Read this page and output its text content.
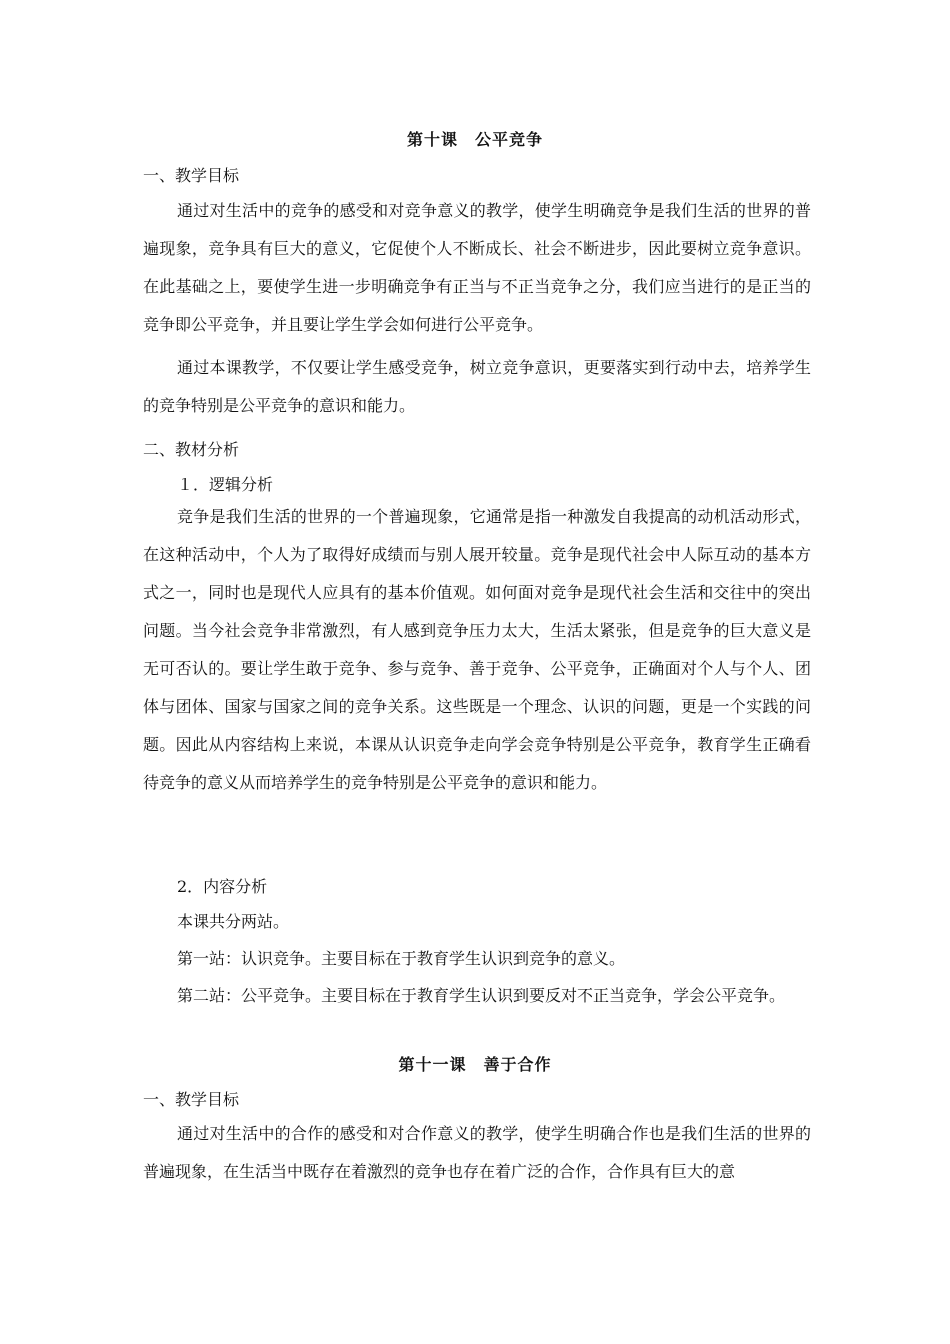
第十课　公平竞争
一、教学目标
通过对生活中的竞争的感受和对竞争意义的教学，使学生明确竞争是我们生活的世界的普遍现象，竞争具有巨大的意义，它促使个人不断成长、社会不断进步，因此要树立竞争意识。在此基础之上，要使学生进一步明确竞争有正当与不正当竞争之分，我们应当进行的是正当的竞争即公平竞争，并且要让学生学会如何进行公平竞争。
通过本课教学，不仅要让学生感受竞争，树立竞争意识，更要落实到行动中去，培养学生的竞争特别是公平竞争的意识和能力。
二、教材分析
１．逻辑分析
竞争是我们生活的世界的一个普遍现象，它通常是指一种激发自我提高的动机活动形式，在这种活动中，个人为了取得好成绩而与别人展开较量。竞争是现代社会中人际互动的基本方式之一，同时也是现代人应具有的基本价值观。如何面对竞争是现代社会生活和交往中的突出问题。当今社会竞争非常激烈，有人感到竞争压力太大，生活太紧张，但是竞争的巨大意义是无可否认的。要让学生敢于竞争、参与竞争、善于竞争、公平竞争，正确面对个人与个人、团体与团体、国家与国家之间的竞争关系。这些既是一个理念、认识的问题，更是一个实践的问题。因此从内容结构上来说，本课从认识竞争走向学会竞争特别是公平竞争，教育学生正确看待竞争的意义从而培养学生的竞争特别是公平竞争的意识和能力。
2．内容分析
本课共分两站。
第一站：认识竞争。主要目标在于教育学生认识到竞争的意义。
第二站：公平竞争。主要目标在于教育学生认识到要反对不正当竞争，学会公平竞争。
第十一课　善于合作
一、教学目标
通过对生活中的合作的感受和对合作意义的教学，使学生明确合作也是我们生活的世界的普遍现象，在生活当中既存在着激烈的竞争也存在着广泛的合作，合作具有巨大的意
